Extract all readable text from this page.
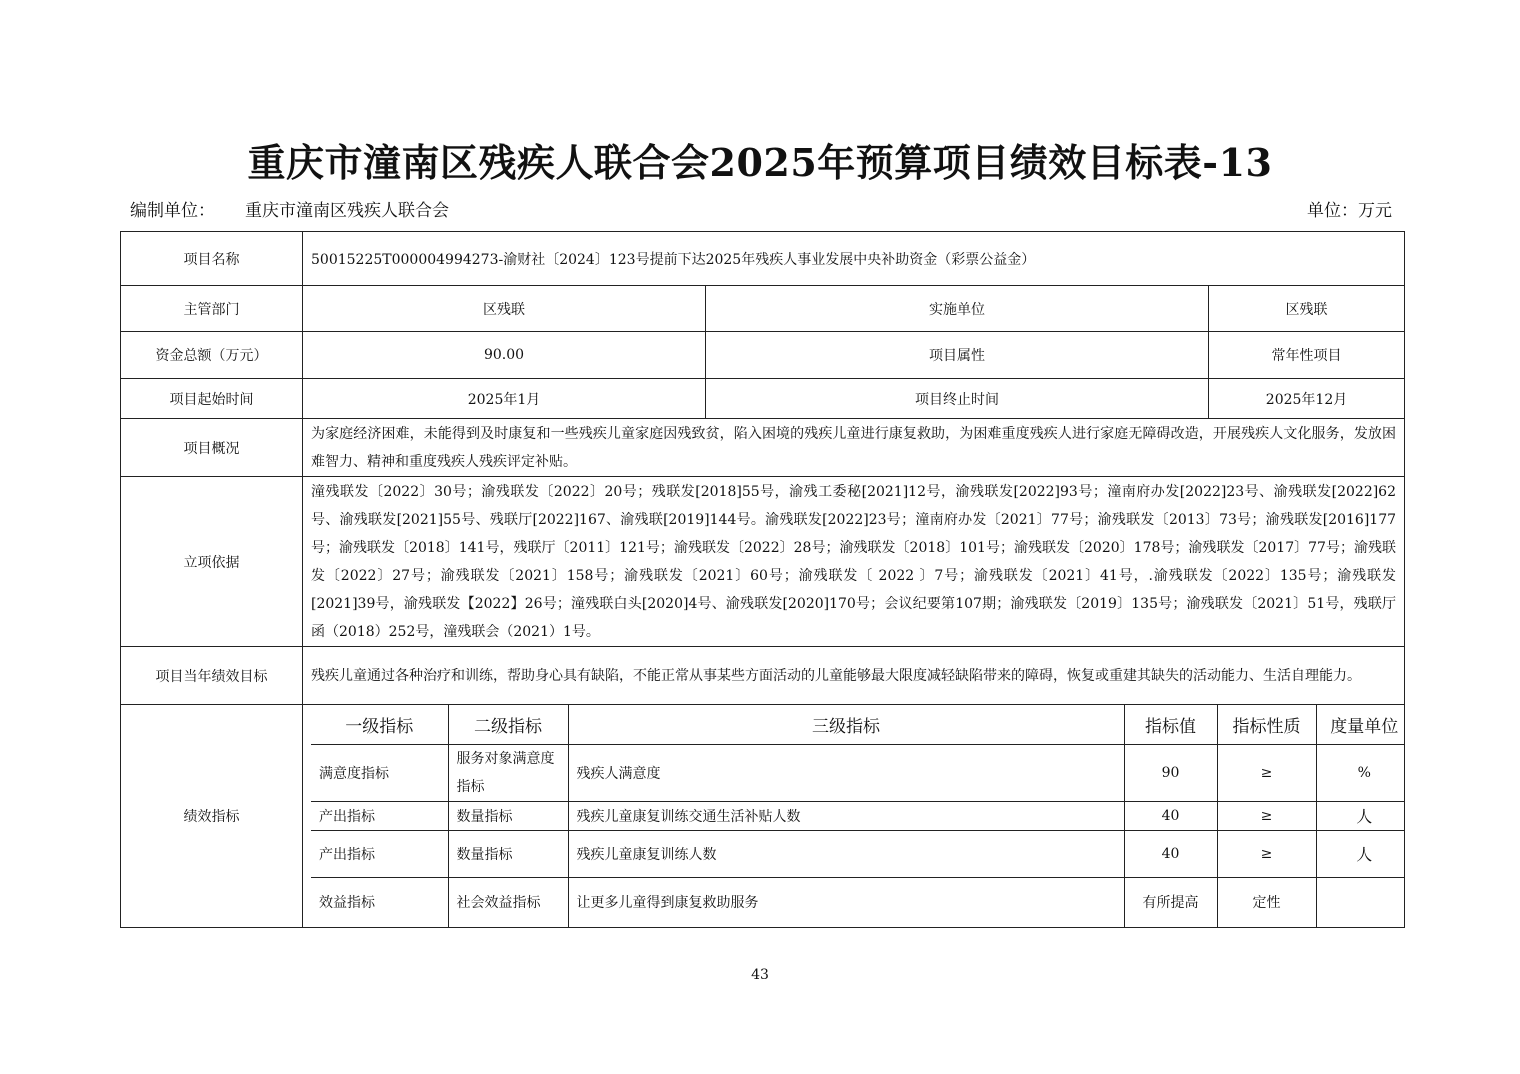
重庆市潼南区残疾人联合会2025年预算项目绩效目标表-13
编制单位： 重庆市潼南区残疾人联合会	单位：万元
项目名称	50015225T000004994273-渝财社〔2024〕123号提前下达2025年残疾人事业发展中央补助资金（彩票公益金）
主管部门	区残联	实施单位	区残联
资金总额（万元）	90.00	项目属性	常年性项目
项目起始时间	2025年1月	项目终止时间	2025年12月
项目概况	为家庭经济困难，未能得到及时康复和一些残疾儿童家庭因残致贫，陷入困境的残疾儿童进行康复救助，为困难重度残疾人进行家庭无障碍改造，开展残疾人文化服务，发放困难智力、精神和重度残疾人残疾评定补贴。
立项依据	潼残联发〔2022〕30号；渝残联发〔2022〕20号；残联发[2018]55号，渝残工委秘[2021]12号，渝残联发[2022]93号；潼南府办发[2022]23号、渝残联发[2022]62号、渝残联发[2021]55号、残联厅[2022]167、渝残联[2019]144号。渝残联发[2022]23号；潼南府办发〔2021〕77号；渝残联发〔2013〕73号；渝残联发[2016]177号；渝残联发〔2018〕141号，残联厅〔2011〕121号；渝残联发〔2022〕28号；渝残联发〔2018〕101号；渝残联发〔2020〕178号；渝残联发〔2017〕77号；渝残联发〔2022〕27号；渝残联发〔2021〕158号；渝残联发〔2021〕60号；渝残联发〔 2022 〕7号；渝残联发〔2021〕41号，.渝残联发〔2022〕135号；渝残联发[2021]39号，渝残联发【2022】26号；潼残联白头[2020]4号、渝残联发[2020]170号；会议纪要第107期；渝残联发〔2019〕135号；渝残联发〔2021〕51号，残联厅函（2018）252号，潼残联会（2021）1号。
项目当年绩效目标	残疾儿童通过各种治疗和训练，帮助身心具有缺陷，不能正常从事某些方面活动的儿童能够最大限度减轻缺陷带来的障碍，恢复或重建其缺失的活动能力、生活自理能力。
绩效指标	
一级指标	二级指标	三级指标	指标值	指标性质	度量单位
满意度指标	服务对象满意度指标	残疾人满意度	90	≥	%
产出指标	数量指标	残疾儿童康复训练交通生活补贴人数	40	≥	人
产出指标	数量指标	残疾儿童康复训练人数	40	≥	人
效益指标	社会效益指标	让更多儿童得到康复救助服务	有所提高	定性	
43
